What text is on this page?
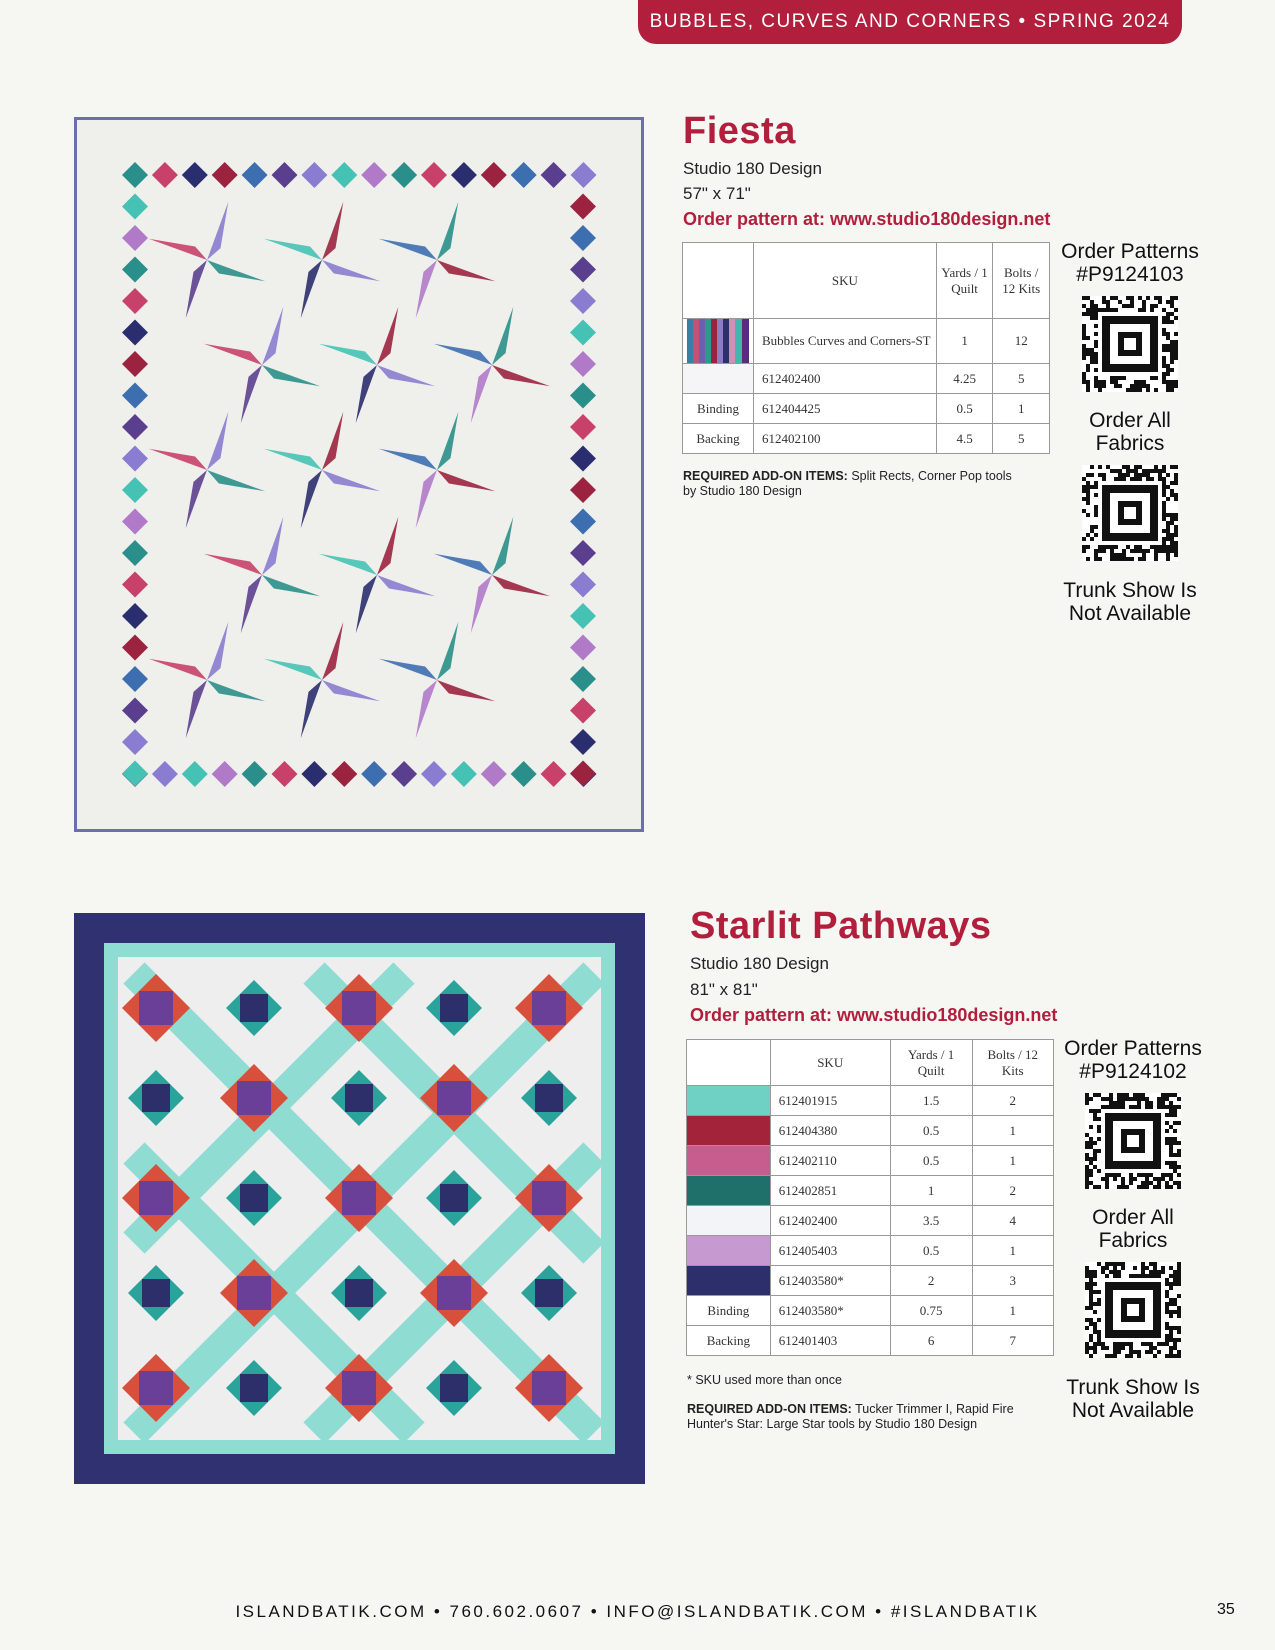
BUBBLES, CURVES AND CORNERS • SPRING 2024
Fiesta
Studio 180 Design
57" x 71"
Order pattern at: www.studio180design.net
	SKU	Yards / 1 Quilt	Bolts / 12 Kits

	Bubbles Curves and Corners-ST	1	12
	612402400	4.25	5
Binding	612404425	0.5	1
Backing	612402100	4.5	5
REQUIRED ADD-ON ITEMS: Split Rects, Corner Pop tools by Studio 180 Design
Order Patterns #P9124103
Order All Fabrics
Trunk Show Is Not Available
Starlit Pathways
Studio 180 Design
81" x 81"
Order pattern at: www.studio180design.net
	SKU	Yards / 1 Quilt	Bolts / 12 Kits
	612401915	1.5	2
	612404380	0.5	1
	612402110	0.5	1
	612402851	1	2
	612402400	3.5	4
	612405403	0.5	1
	612403580*	2	3
Binding	612403580*	0.75	1
Backing	612401403	6	7
* SKU used more than once
REQUIRED ADD-ON ITEMS: Tucker Trimmer I, Rapid Fire Hunter's Star: Large Star tools by Studio 180 Design
Order Patterns #P9124102
Order All Fabrics
Trunk Show Is Not Available
ISLANDBATIK.COM • 760.602.0607 • INFO@ISLANDBATIK.COM • #ISLANDBATIK	35
